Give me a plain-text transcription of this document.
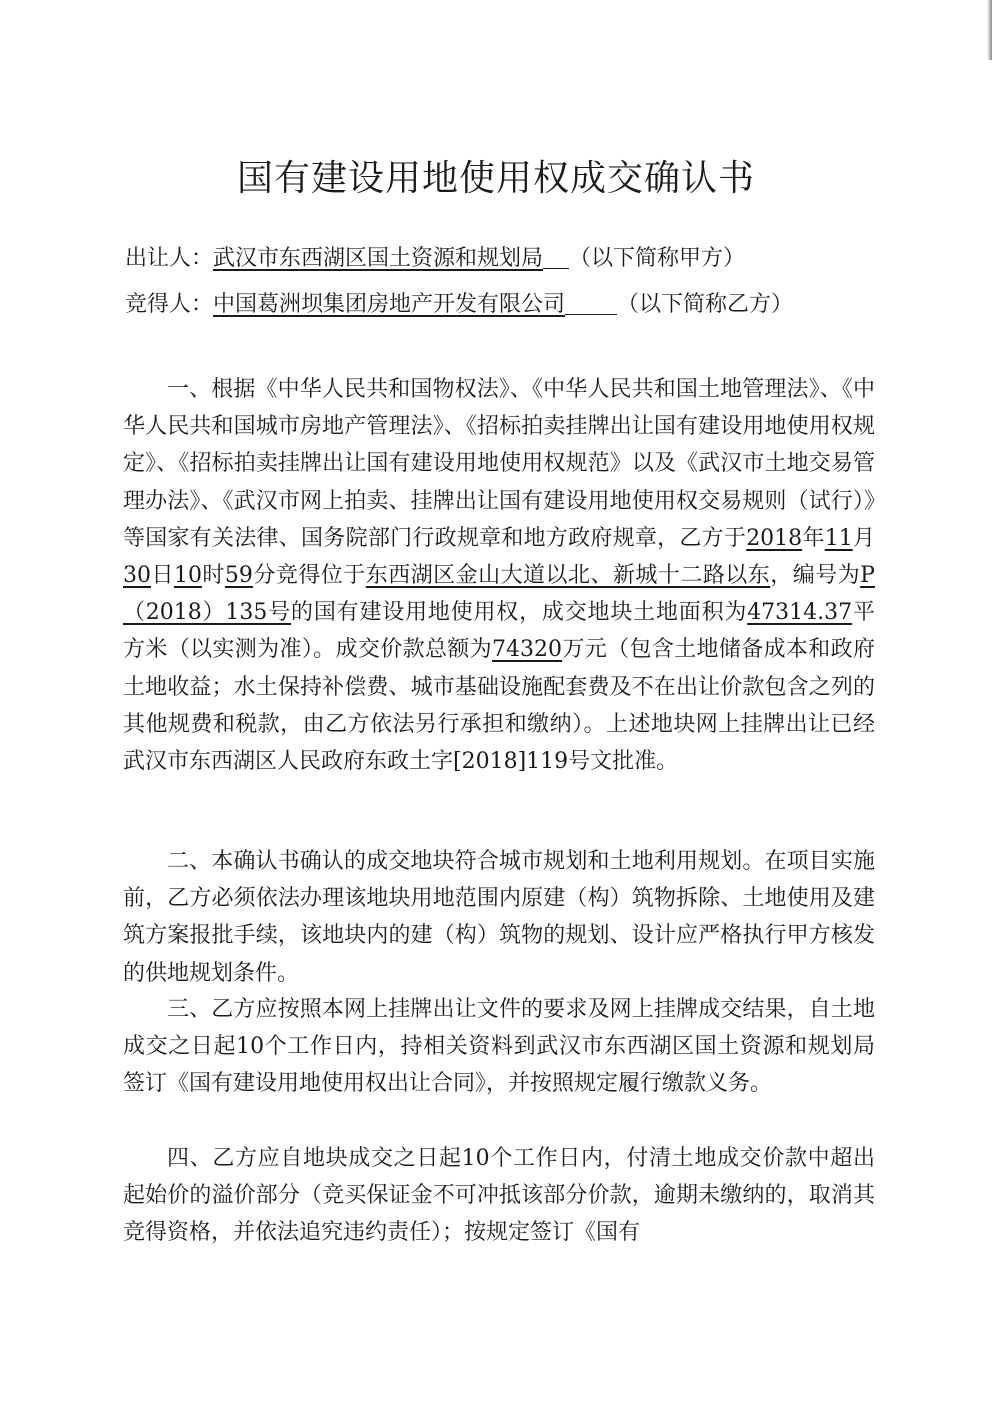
国有建设用地使用权成交确认书
出让人：武汉市东西湖区国土资源和规划局 （以下简称甲方）
竞得人：中国葛洲坝集团房地产开发有限公司 （以下简称乙方）

一、根据《中华人民共和国物权法》、《中华人民共和国土地管理法》、《中华人民共和国城市房地产管理法》、《招标拍卖挂牌出让国有建设用地使用权规定》、《招标拍卖挂牌出让国有建设用地使用权规范》以及《武汉市土地交易管理办法》、《武汉市网上拍卖、挂牌出让国有建设用地使用权交易规则（试行）》等国家有关法律、国务院部门行政规章和地方政府规章，乙方于2018年11月30日10时59分竞得位于东西湖区金山大道以北、新城十二路以东，编号为P（2018）135号的国有建设用地使用权，成交地块土地面积为47314.37平方米（以实测为准）。成交价款总额为74320万元（包含土地储备成本和政府土地收益；水土保持补偿费、城市基础设施配套费及不在出让价款包含之列的其他规费和税款，由乙方依法另行承担和缴纳）。上述地块网上挂牌出让已经武汉市东西湖区人民政府东政土字[2018]119号文批准。

二、本确认书确认的成交地块符合城市规划和土地利用规划。在项目实施前，乙方必须依法办理该地块用地范围内原建（构）筑物拆除、土地使用及建筑方案报批手续，该地块内的建（构）筑物的规划、设计应严格执行甲方核发的供地规划条件。

三、乙方应按照本网上挂牌出让文件的要求及网上挂牌成交结果，自土地成交之日起10个工作日内，持相关资料到武汉市东西湖区国土资源和规划局签订《国有建设用地使用权出让合同》，并按照规定履行缴款义务。

四、乙方应自地块成交之日起10个工作日内，付清土地成交价款中超出起始价的溢价部分（竞买保证金不可冲抵该部分价款，逾期未缴纳的，取消其竞得资格，并依法追究违约责任）；按规定签订《国有
